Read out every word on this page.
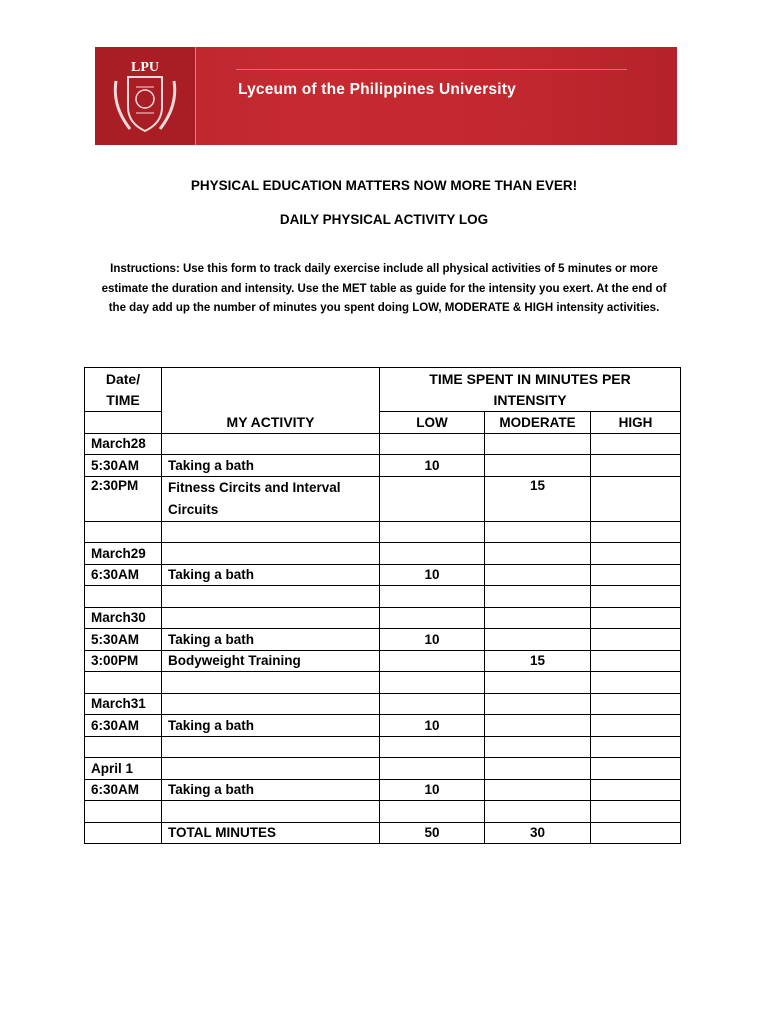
LPU
Lyceum of the Philippines University
PHYSICAL EDUCATION MATTERS NOW MORE THAN EVER!
DAILY PHYSICAL ACTIVITY LOG
Instructions: Use this form to track daily exercise include all physical activities of 5 minutes or more estimate the duration and intensity. Use the MET table as guide for the intensity you exert. At the end of the day add up the number of minutes you spent doing LOW, MODERATE & HIGH intensity activities.
Date/
TIME		TIME SPENT IN MINUTES PER INTENSITY		

	MY ACTIVITY	LOW	MODERATE	HIGH
March28				
5:30AM	Taking a bath	10		
2:30PM	Fitness Circits and Interval Circuits		15	

March29				
6:30AM	Taking a bath	10		

March30				
5:30AM	Taking a bath	10		
3:00PM	Bodyweight Training		15	

March31				
6:30AM	Taking a bath	10		

April 1				
6:30AM	Taking a bath	10		

	TOTAL MINUTES	50	30	
